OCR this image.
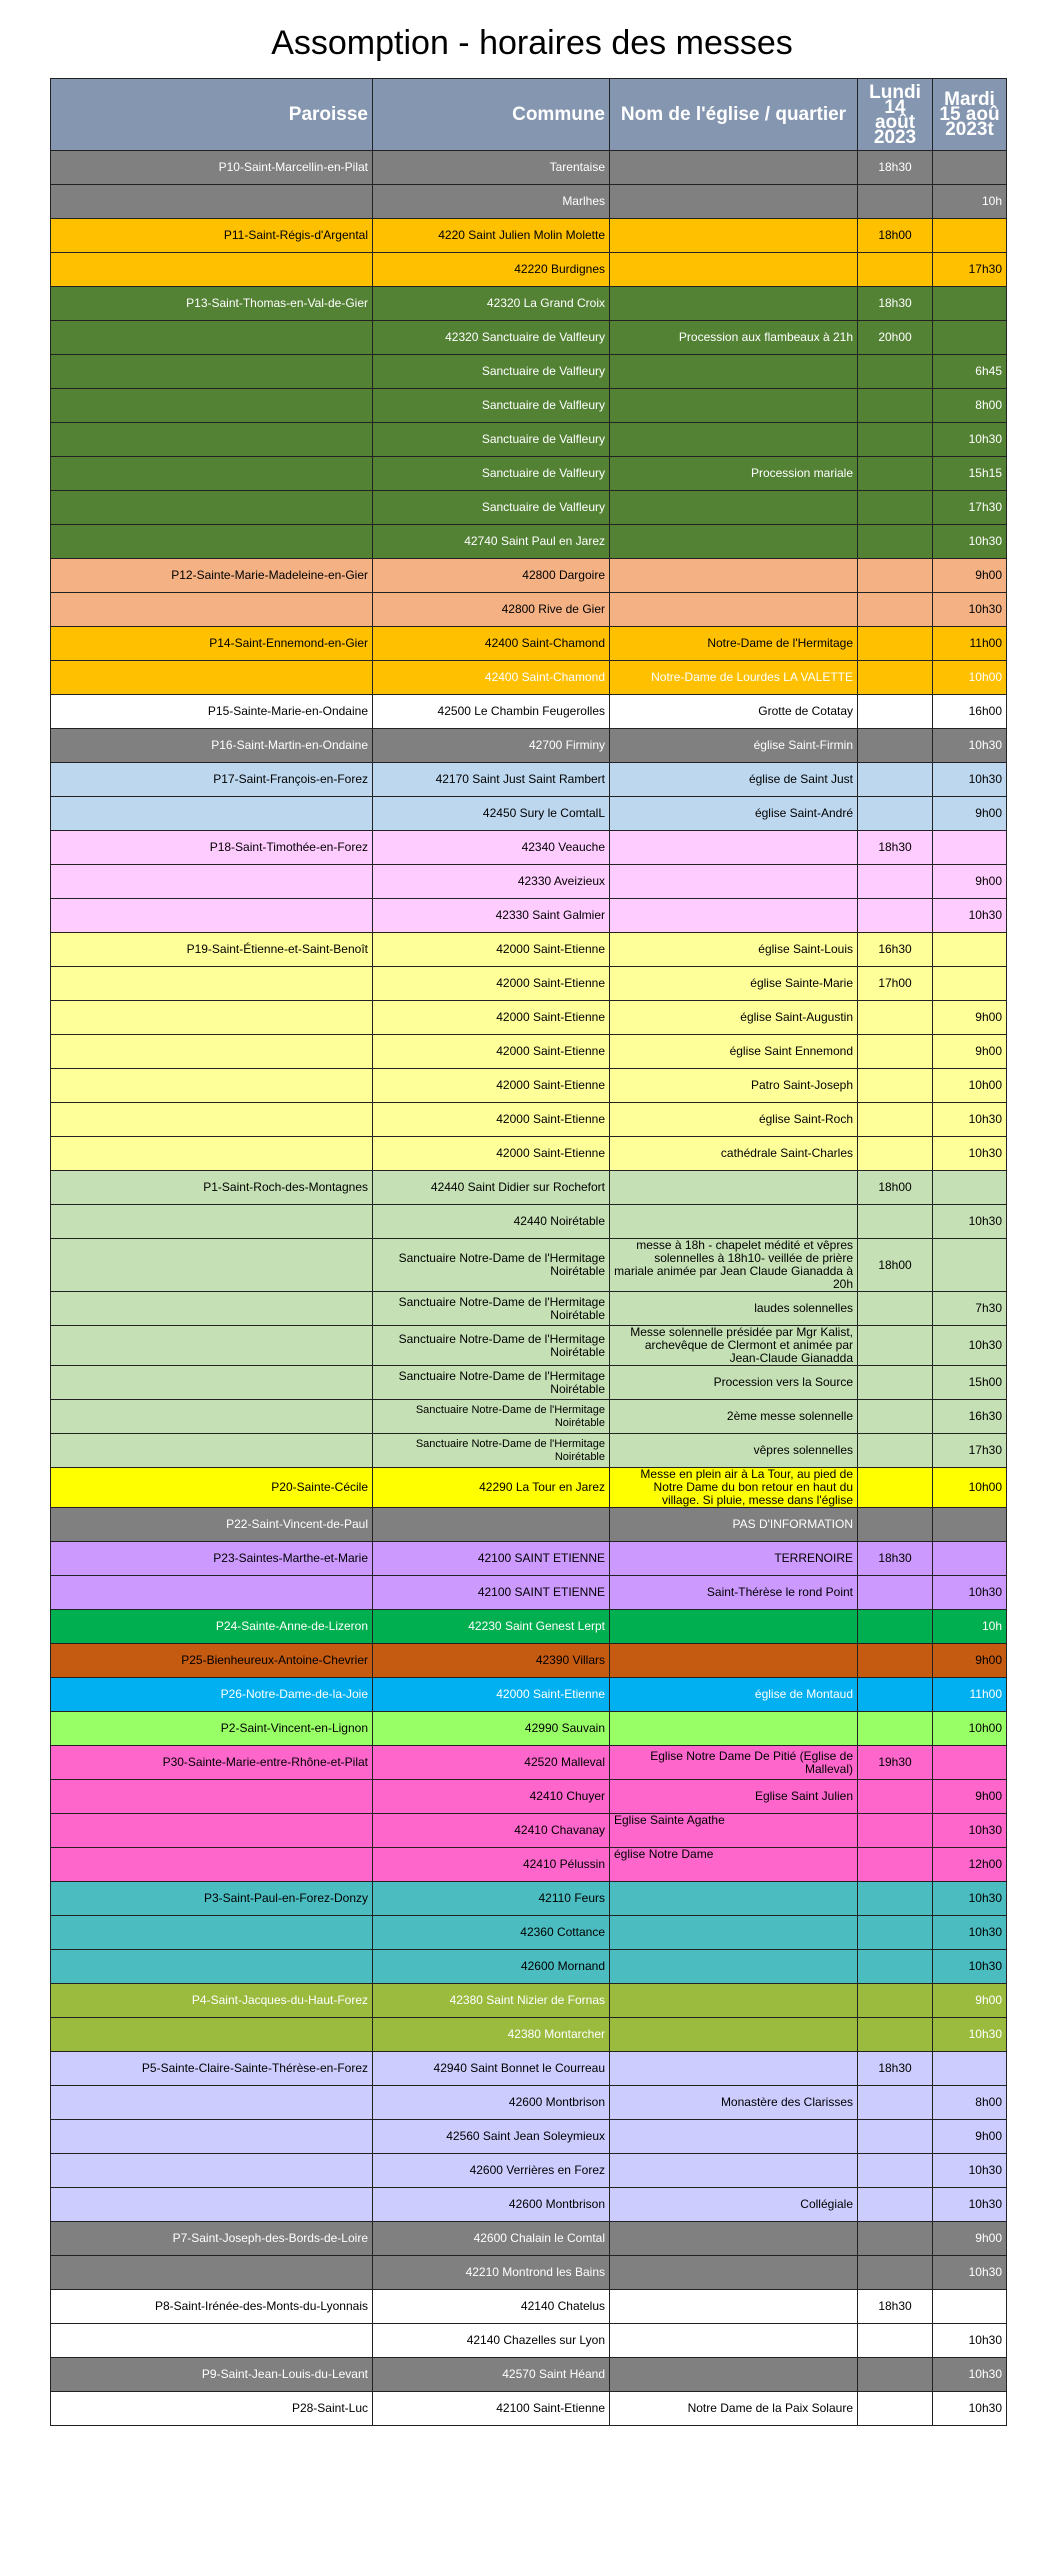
Assomption - horaires des messes
Paroisse	Commune	Nom de l'église / quartier	Lundi 14 août 2023	Mardi 15 aoû 2023t
P10-Saint-Marcellin-en-Pilat	Tarentaise		18h30	
	Marlhes			10h
P11-Saint-Régis-d'Argental	4220 Saint Julien Molin Molette		18h00	
	42220 Burdignes			17h30
P13-Saint-Thomas-en-Val-de-Gier	42320 La Grand Croix		18h30	
	42320 Sanctuaire de Valfleury	Procession aux flambeaux à 21h	20h00	
	Sanctuaire de Valfleury			6h45
	Sanctuaire de Valfleury			8h00
	Sanctuaire de Valfleury			10h30
	Sanctuaire de Valfleury	Procession mariale		15h15
	Sanctuaire de Valfleury			17h30
	42740 Saint Paul en Jarez			10h30
P12-Sainte-Marie-Madeleine-en-Gier	42800 Dargoire			9h00
	42800 Rive de Gier			10h30
P14-Saint-Ennemond-en-Gier	42400 Saint-Chamond	Notre-Dame de l'Hermitage		11h00
	42400 Saint-Chamond	Notre-Dame de Lourdes LA VALETTE		10h00
P15-Sainte-Marie-en-Ondaine	42500 Le Chambin Feugerolles	Grotte de Cotatay		16h00
P16-Saint-Martin-en-Ondaine	42700 Firminy	église Saint-Firmin		10h30
P17-Saint-François-en-Forez	42170 Saint Just Saint Rambert	église de Saint Just		10h30
	42450 Sury le ComtalL	église Saint-André		9h00
P18-Saint-Timothée-en-Forez	42340 Veauche		18h30	
	42330 Aveizieux			9h00
	42330 Saint Galmier			10h30
P19-Saint-Étienne-et-Saint-Benoît	42000 Saint-Etienne	église Saint-Louis	16h30	
	42000 Saint-Etienne	église Sainte-Marie	17h00	
	42000 Saint-Etienne	église Saint-Augustin		9h00
	42000 Saint-Etienne	église Saint Ennemond		9h00
	42000 Saint-Etienne	Patro Saint-Joseph		10h00
	42000 Saint-Etienne	église Saint-Roch		10h30
	42000 Saint-Etienne	cathédrale Saint-Charles		10h30
P1-Saint-Roch-des-Montagnes	42440 Saint Didier sur Rochefort		18h00	
	42440 Noirétable			10h30
	Sanctuaire Notre-Dame de l'Hermitage Noirétable	messe à 18h - chapelet médité et vêpres solennelles à 18h10- veillée de prière mariale animée par Jean Claude Gianadda à 20h	18h00	
	Sanctuaire Notre-Dame de l'Hermitage Noirétable	laudes solennelles		7h30
	Sanctuaire Notre-Dame de l'Hermitage Noirétable	Messe solennelle présidée par Mgr Kalist, archevêque de Clermont et animée par Jean-Claude Gianadda		10h30
	Sanctuaire Notre-Dame de l'Hermitage Noirétable	Procession vers la Source		15h00
	Sanctuaire Notre-Dame de l'Hermitage Noirétable	2ème messe solennelle		16h30
	Sanctuaire Notre-Dame de l'Hermitage Noirétable	vêpres solennelles		17h30
P20-Sainte-Cécile	42290 La Tour en Jarez	Messe en plein air à La Tour, au pied de Notre Dame du bon retour en haut du village. Si pluie, messe dans l'église		10h00
P22-Saint-Vincent-de-Paul		PAS D'INFORMATION		
P23-Saintes-Marthe-et-Marie	42100 SAINT ETIENNE	TERRENOIRE	18h30	
	42100 SAINT ETIENNE	Saint-Thérèse le rond Point		10h30
P24-Sainte-Anne-de-Lizeron	42230 Saint Genest Lerpt			10h
P25-Bienheureux-Antoine-Chevrier	42390 Villars			9h00
P26-Notre-Dame-de-la-Joie	42000 Saint-Etienne	église de Montaud		11h00
P2-Saint-Vincent-en-Lignon	42990 Sauvain			10h00
P30-Sainte-Marie-entre-Rhône-et-Pilat	42520 Malleval	Eglise Notre Dame De Pitié (Eglise de Malleval)	19h30	
	42410 Chuyer	Eglise Saint Julien		9h00
	42410 Chavanay	Eglise Sainte Agathe		10h30
	42410 Pélussin	église Notre Dame		12h00
P3-Saint-Paul-en-Forez-Donzy	42110 Feurs			10h30
	42360 Cottance			10h30
	42600 Mornand			10h30
P4-Saint-Jacques-du-Haut-Forez	42380 Saint Nizier de Fornas			9h00
	42380 Montarcher			10h30
P5-Sainte-Claire-Sainte-Thérèse-en-Forez	42940 Saint Bonnet le Courreau		18h30	
	42600 Montbrison	Monastère des Clarisses		8h00
	42560 Saint Jean Soleymieux			9h00
	42600 Verrières en Forez			10h30
	42600 Montbrison	Collégiale		10h30
P7-Saint-Joseph-des-Bords-de-Loire	42600 Chalain le Comtal			9h00
	42210 Montrond les Bains			10h30
P8-Saint-Irénée-des-Monts-du-Lyonnais	42140 Chatelus		18h30	
	42140 Chazelles sur Lyon			10h30
P9-Saint-Jean-Louis-du-Levant	42570 Saint Héand			10h30
P28-Saint-Luc	42100 Saint-Etienne	Notre Dame de la Paix Solaure		10h30
